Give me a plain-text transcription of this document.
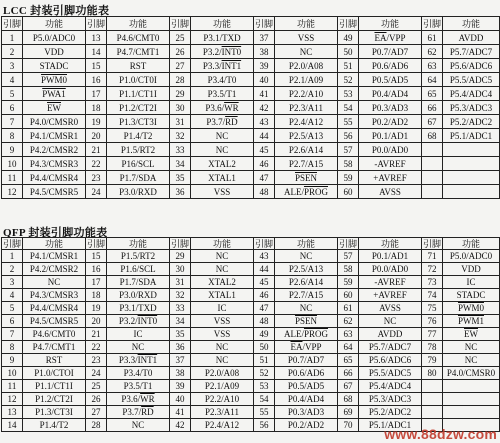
LCC 封装引脚功能表
引脚	功能	引脚	功能	引脚	功能	引脚	功能	引脚	功能	引脚	功能
1	P5.0/ADC0	13	P4.6/CMT0	25	P3.1/TXD	37	VSS	49	$\overline{EA}$/VPP	61	AVDD
2	VDD	14	P4.7/CMT1	26	P3.2/INT0	38	NC	50	P0.7/AD7	62	P5.7/ADC7
3	STADC	15	RST	27	P3.3/INT1	39	P2.0/A08	51	P0.6/AD6	63	P5.6/ADC6
4	PWM0	16	P1.0/CT0I	28	P3.4/T0	40	P2.1/A09	52	P0.5/AD5	64	P5.5/ADC5
5	PWA1	17	P1.1/CT1I	29	P3.5/T1	41	P2.2/A10	53	P0.4/AD4	65	P5.4/ADC4
6	$\overline{EW}$	18	P1.2/CT2I	30	$P3.6/\overline{WR}$	42	P2.3/A11	54	P0.3/AD3	66	P5.3/ADC3
7	P4.0/CMSR0	19	P1.3/CT3I	31	$P3.7/\overline{RD}$	43	P2.4/A12	55	P0.2/AD2	67	P5.2/ADC2
8	P4.1/CMSR1	20	P1.4/T2	32	NC	44	P2.5/A13	56	P0.1/AD1	68	P5.1/ADC1
9	P4.2/CMSR2	21	P1.5/RT2	33	NC	45	P2.6/A14	57	P0.0/AD0		
10	P4.3/CMSR3	22	P16/SCL	34	XTAL2	46	P2.7/A15	58	-AVREF		
11	P4.4/CMSR4	23	P1.7/SDA	35	XTAL1	47	PSEN	59	+AVREF		
12	P4.5/CMSR5	24	P3.0/RXD	36	VSS	48	ALE/PROG	60	AVSS		
QFP 封装引脚功能表
引脚	功能	引脚	功能	引脚	功能	引脚	功能	引脚	功能	引脚	功能
1	P4.1/CMSR1	15	P1.5/RT2	29	NC	43	NC	57	P0.1/AD1	71	P5.0/ADC0
2	P4.2/CMSR2	16	P1.6/SCL	30	NC	44	P2.5/A13	58	P0.0/AD0	72	VDD
3	NC	17	P1.7/SDA	31	XTAL2	45	P2.6/A14	59	-AVREF	73	IC
4	P4.3/CMSR3	18	P3.0/RXD	32	XTAL1	46	P2.7/A15	60	+AVREF	74	STADC
5	P4.4/CMSR4	19	P3.1/TXD	33	IC	47	NC	61	AVSS	75	PWM0
6	P4.5/CMSR5	20	P3.2/INT0	34	VSS	48	PSEN	62	NC	76	PWM1
7	P4.6/CMT0	21	IC	35	VSS	49	ALE/PROG	63	AVDD	77	$\overline{EW}$
8	P4.7/CMT1	22	NC	36	NC	50	$\overline{EA}$/VPP	64	P5.7/ADC7	78	NC
9	RST	23	P3.3/INT1	37	NC	51	P0.7/AD7	65	P5.6/ADC6	79	NC
10	P1.0/CTOI	24	P3.4/T0	38	P2.0/A08	52	P0.6/AD6	66	P5.5/ADC5	80	P4.0/CMSR0
11	P1.1/CT1I	25	P3.5/T1	39	P2.1/A09	53	P0.5/AD5	67	P5.4/ADC4		
12	P1.2/CT2I	26	$P3.6/\overline{WR}$	40	P2.2/A10	54	P0.4/AD4	68	P5.3/ADC3		
13	P1.3/CT3I	27	$P3.7/\overline{RD}$	41	P2.3/A11	55	P0.3/AD3	69	P5.2/ADC2		
14	P1.4/T2	28	NC	42	P2.4/A12	56	P0.2/AD2	70	P5.1/ADC1		
www.88dzw.com
